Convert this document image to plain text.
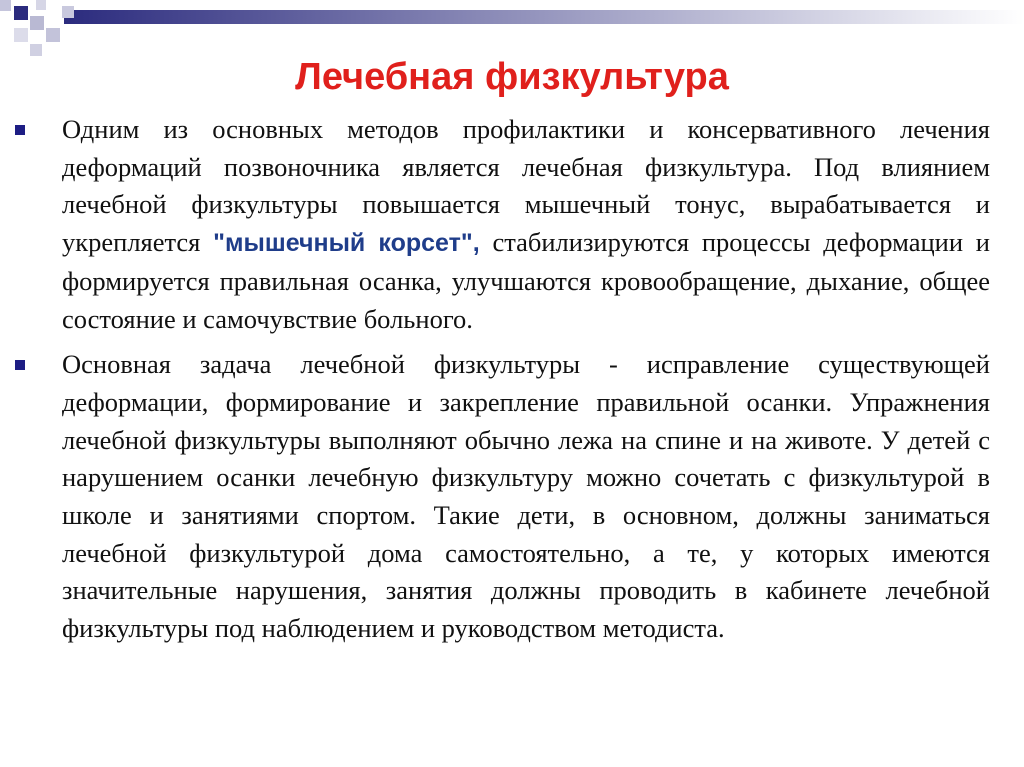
Лечебная физкультура
Одним из основных методов профилактики и консервативного лечения деформаций позвоночника является лечебная физкультура. Под влиянием лечебной физкультуры повышается мышечный тонус, вырабатывается и укрепляется "мышечный корсет", стабилизируются процессы деформации и формируется правильная осанка, улучшаются кровообращение, дыхание, общее состояние и самочувствие больного.
Основная задача лечебной физкультуры - исправление существующей деформации, формирование и закрепление правильной осанки. Упражнения лечебной физкультуры выполняют обычно лежа на спине и на животе. У детей с нарушением осанки лечебную физкультуру можно сочетать с физкультурой в школе и занятиями спортом. Такие дети, в основном, должны заниматься лечебной физкультурой дома самостоятельно, а те, у которых имеются значительные нарушения, занятия должны проводить в кабинете лечебной физкультуры под наблюдением и руководством методиста.
